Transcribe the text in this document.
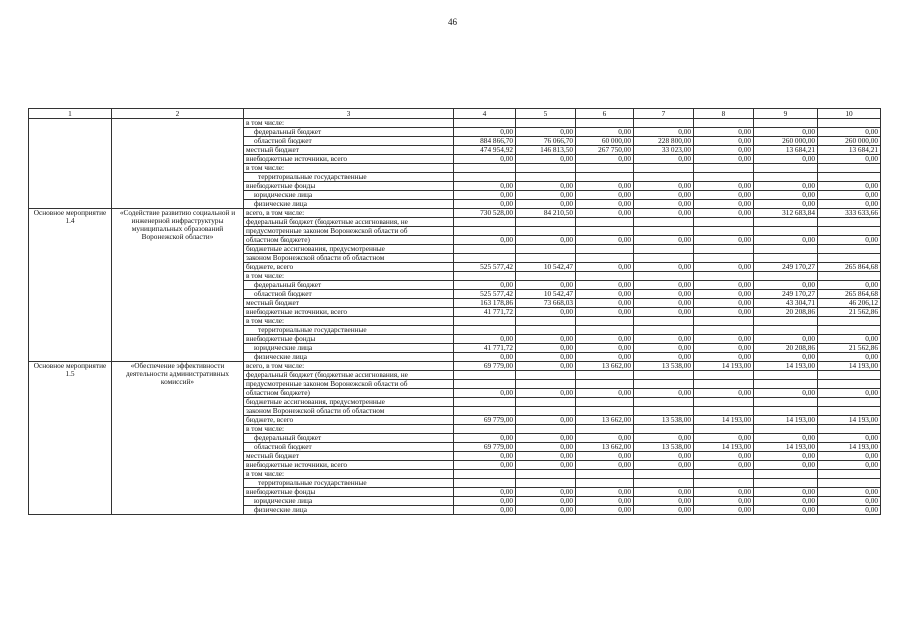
46
1	2	3	4	5	6	7	8	9	10
		в том числе:							
		федеральный бюджет	0,00	0,00	0,00	0,00	0,00	0,00	0,00
		областной бюджет	884 866,70	76 066,70	60 000,00	228 800,00	0,00	260 000,00	260 000,00
		местный бюджет	474 954,92	146 813,50	267 750,00	33 023,00	0,00	13 684,21	13 684,21
		внебюджетные источники, всего	0,00	0,00	0,00	0,00	0,00	0,00	0,00
		в том числе:							
		территориальные государственные							
		внебюджетные фонды	0,00	0,00	0,00	0,00	0,00	0,00	0,00
		юридические лица	0,00	0,00	0,00	0,00	0,00	0,00	0,00
		физические лица	0,00	0,00	0,00	0,00	0,00	0,00	0,00
Основное мероприятие 1.4	«Содействие развитию социальной и инженерной инфраструктуры муниципальных образований Воронежской области»	всего, в том числе:	730 528,00	84 210,50	0,00	0,00	0,00	312 683,84	333 633,66
		федеральный бюджет (бюджетные ассигнования, не							
		предусмотренные законом Воронежской области об							
		областном бюджете)	0,00	0,00	0,00	0,00	0,00	0,00	0,00
		бюджетные ассигнования, предусмотренные							
		законом Воронежской области об областном							
		бюджете, всего	525 577,42	10 542,47	0,00	0,00	0,00	249 170,27	265 864,68
		в том числе:							
		федеральный бюджет	0,00	0,00	0,00	0,00	0,00	0,00	0,00
		областной бюджет	525 577,42	10 542,47	0,00	0,00	0,00	249 170,27	265 864,68
		местный бюджет	163 178,86	73 668,03	0,00	0,00	0,00	43 304,71	46 206,12
		внебюджетные источники, всего	41 771,72	0,00	0,00	0,00	0,00	20 208,86	21 562,86
		в том числе:							
		территориальные государственные							
		внебюджетные фонды	0,00	0,00	0,00	0,00	0,00	0,00	0,00
		юридические лица	41 771,72	0,00	0,00	0,00	0,00	20 208,86	21 562,86
		физические лица	0,00	0,00	0,00	0,00	0,00	0,00	0,00
Основное мероприятие 1.5	«Обеспечение эффективности деятельности административных комиссий»	всего, в том числе:	69 779,00	0,00	13 662,00	13 538,00	14 193,00	14 193,00	14 193,00
		федеральный бюджет (бюджетные ассигнования, не							
		предусмотренные законом Воронежской области об							
		областном бюджете)	0,00	0,00	0,00	0,00	0,00	0,00	0,00
		бюджетные ассигнования, предусмотренные							
		законом Воронежской области об областном							
		бюджете, всего	69 779,00	0,00	13 662,00	13 538,00	14 193,00	14 193,00	14 193,00
		в том числе:							
		федеральный бюджет	0,00	0,00	0,00	0,00	0,00	0,00	0,00
		областной бюджет	69 779,00	0,00	13 662,00	13 538,00	14 193,00	14 193,00	14 193,00
		местный бюджет	0,00	0,00	0,00	0,00	0,00	0,00	0,00
		внебюджетные источники, всего	0,00	0,00	0,00	0,00	0,00	0,00	0,00
		в том числе:							
		территориальные государственные							
		внебюджетные фонды	0,00	0,00	0,00	0,00	0,00	0,00	0,00
		юридические лица	0,00	0,00	0,00	0,00	0,00	0,00	0,00
		физические лица	0,00	0,00	0,00	0,00	0,00	0,00	0,00
